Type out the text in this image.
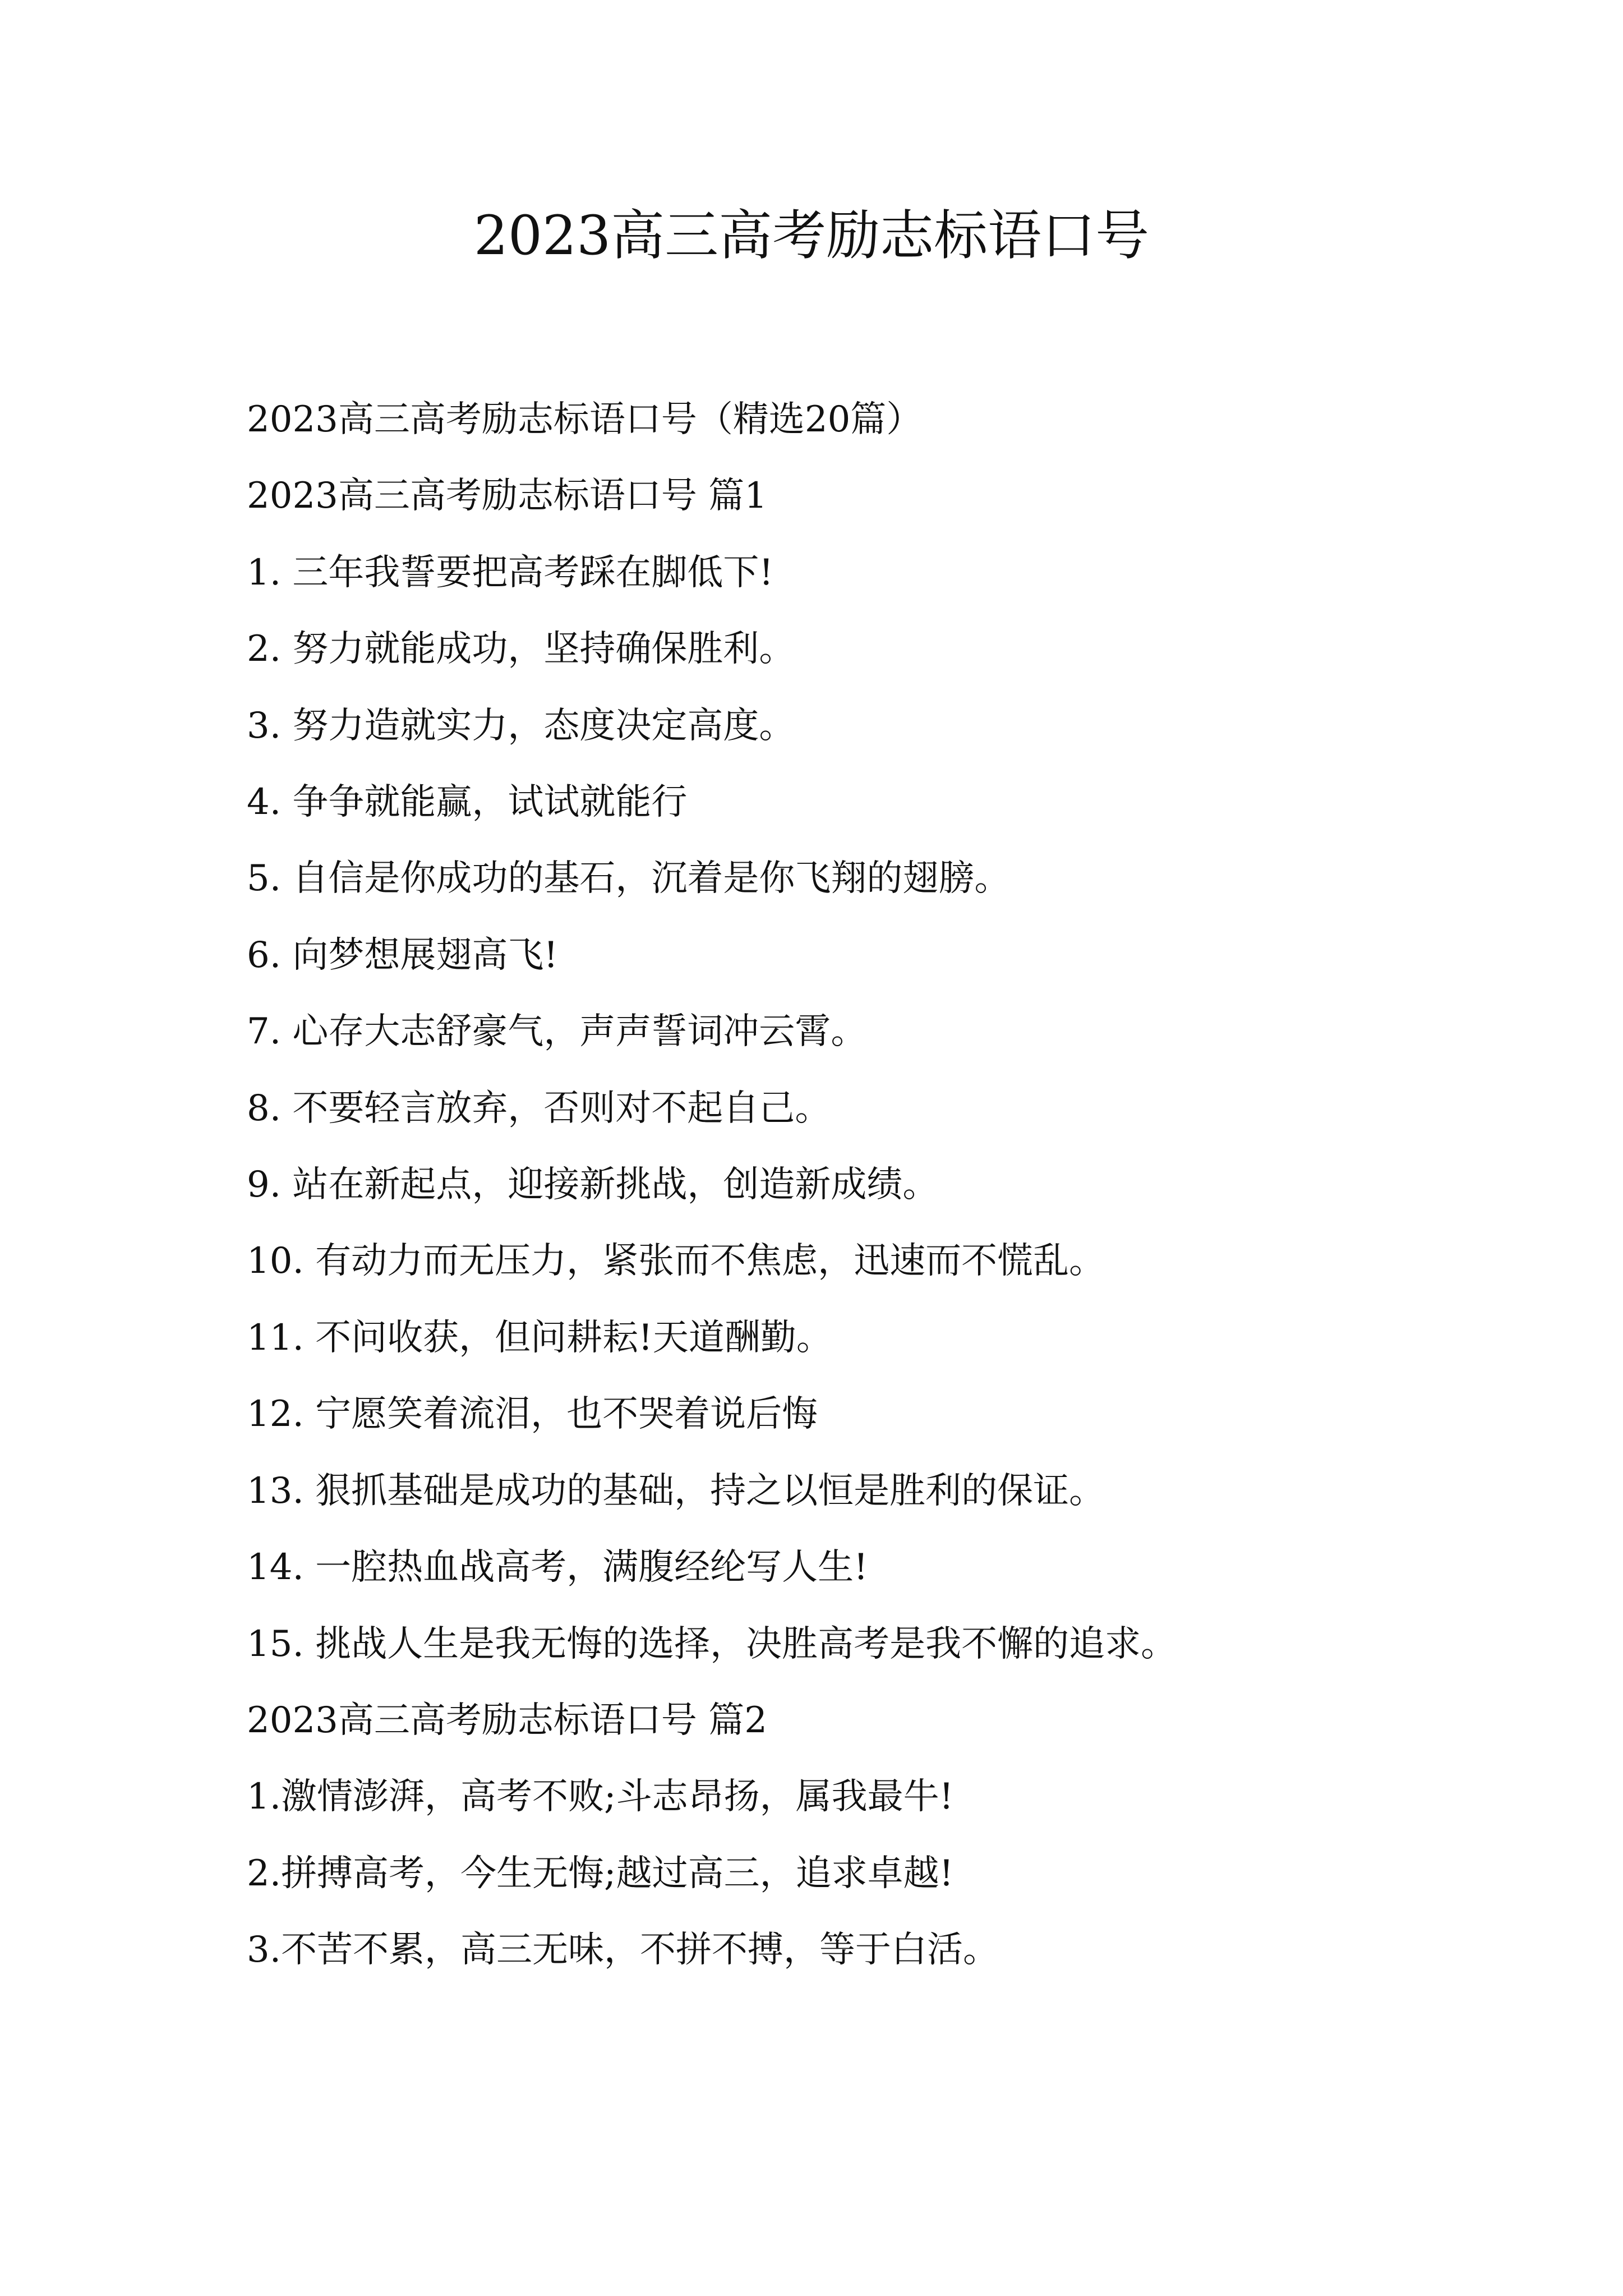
2023高三高考励志标语口号

2023高三高考励志标语口号（精选20篇）

2023高三高考励志标语口号 篇1

1. 三年我誓要把高考踩在脚低下!

2. 努力就能成功，坚持确保胜利。

3. 努力造就实力，态度决定高度。

4. 争争就能赢，试试就能行

5. 自信是你成功的基石，沉着是你飞翔的翅膀。

6. 向梦想展翅高飞!

7. 心存大志舒豪气，声声誓词冲云霄。

8. 不要轻言放弃，否则对不起自己。

9. 站在新起点，迎接新挑战，创造新成绩。

10. 有动力而无压力，紧张而不焦虑，迅速而不慌乱。

11. 不问收获，但问耕耘!天道酬勤。

12. 宁愿笑着流泪，也不哭着说后悔

13. 狠抓基础是成功的基础，持之以恒是胜利的保证。

14. 一腔热血战高考，满腹经纶写人生!

15. 挑战人生是我无悔的选择，决胜高考是我不懈的追求。

2023高三高考励志标语口号 篇2

1.激情澎湃，高考不败;斗志昂扬，属我最牛!

2.拼搏高考，今生无悔;越过高三，追求卓越!

3.不苦不累，高三无味，不拼不搏，等于白活。
